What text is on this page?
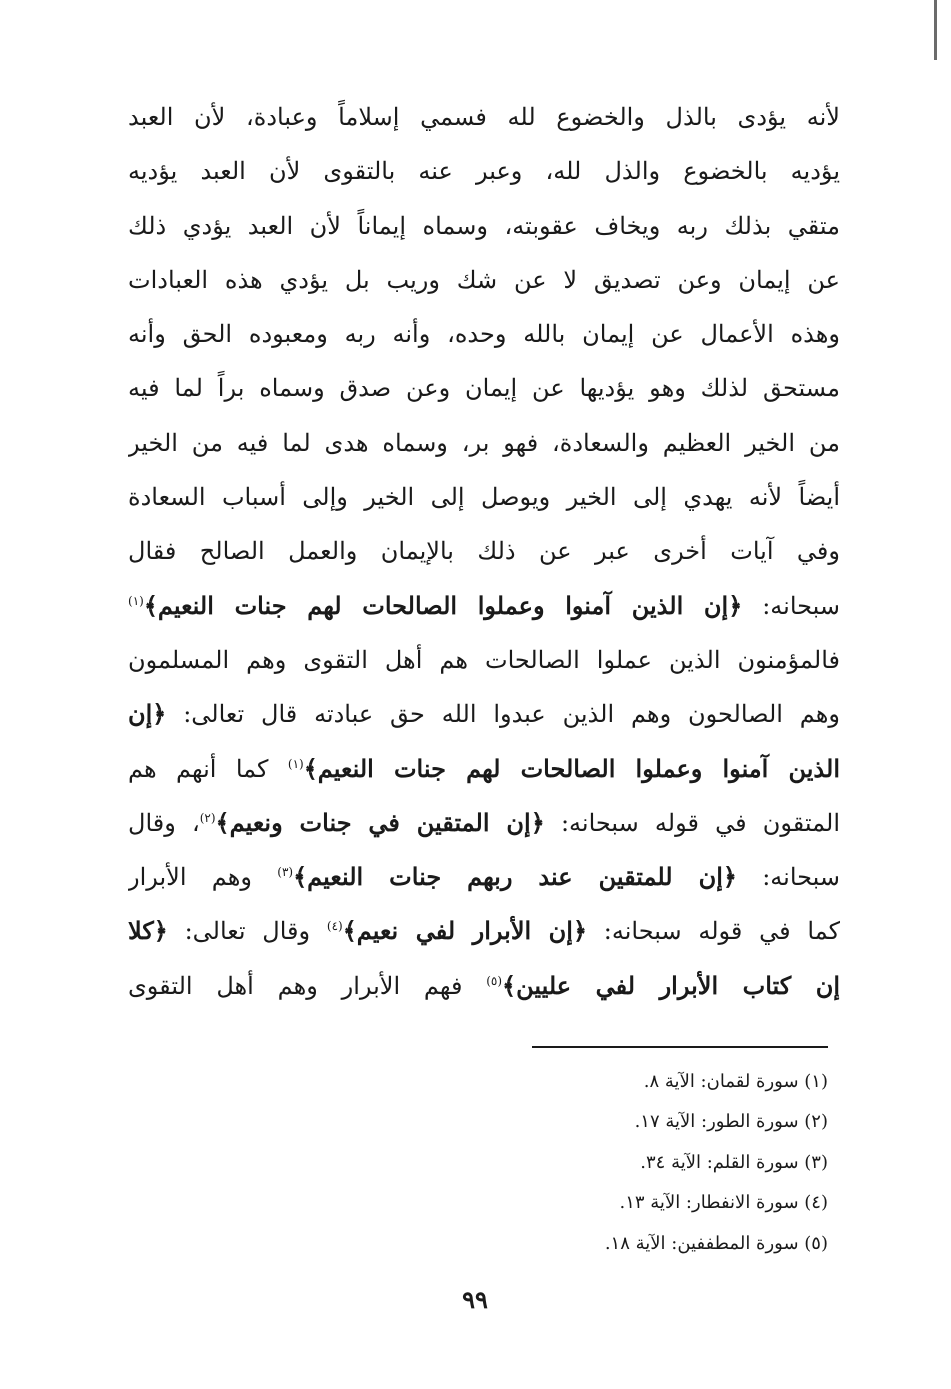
لأنه يؤدى بالذل والخضوع لله فسمي إسلاماً وعبادة، لأن العبد
يؤديه بالخضوع والذل لله، وعبر عنه بالتقوى لأن العبد يؤديه
متقي بذلك ربه ويخاف عقوبته، وسماه إيماناً لأن العبد يؤدي ذلك
عن إيمان وعن تصديق لا عن شك وريب بل يؤدي هذه العبادات
وهذه الأعمال عن إيمان بالله وحده، وأنه ربه ومعبوده الحق وأنه
مستحق لذلك وهو يؤديها عن إيمان وعن صدق وسماه براً لما فيه
من الخير العظيم والسعادة، فهو بر، وسماه هدى لما فيه من الخير
أيضاً لأنه يهدي إلى الخير ويوصل إلى الخير وإلى أسباب السعادة
وفي آيات أخرى عبر عن ذلك بالإيمان والعمل الصالح فقال
سبحانه: ﴿إن الذين آمنوا وعملوا الصالحات لهم جنات النعيم﴾$^{(١)}$
فالمؤمنون الذين عملوا الصالحات هم أهل التقوى وهم المسلمون
وهم الصالحون وهم الذين عبدوا الله حق عبادته قال تعالى: ﴿إن
الذين آمنوا وعملوا الصالحات لهم جنات النعيم﴾$^{(١)}$ كما أنهم هم
المتقون في قوله سبحانه: ﴿إن المتقين في جنات ونعيم﴾$^{(٢)}$، وقال
سبحانه: ﴿إن للمتقين عند ربهم جنات النعيم﴾$^{(٣)}$ وهم الأبرار
كما في قوله سبحانه: ﴿إن الأبرار لفي نعيم﴾$^{(٤)}$ وقال تعالى: ﴿كلا
إن كتاب الأبرار لفي عليين﴾$^{(٥)}$ فهم الأبرار وهم أهل التقوى
(١) سورة لقمان: الآية ٨.
(٢) سورة الطور: الآية ١٧.
(٣) سورة القلم: الآية ٣٤.
(٤) سورة الانفطار: الآية ١٣.
(٥) سورة المطففين: الآية ١٨.
٩٩
